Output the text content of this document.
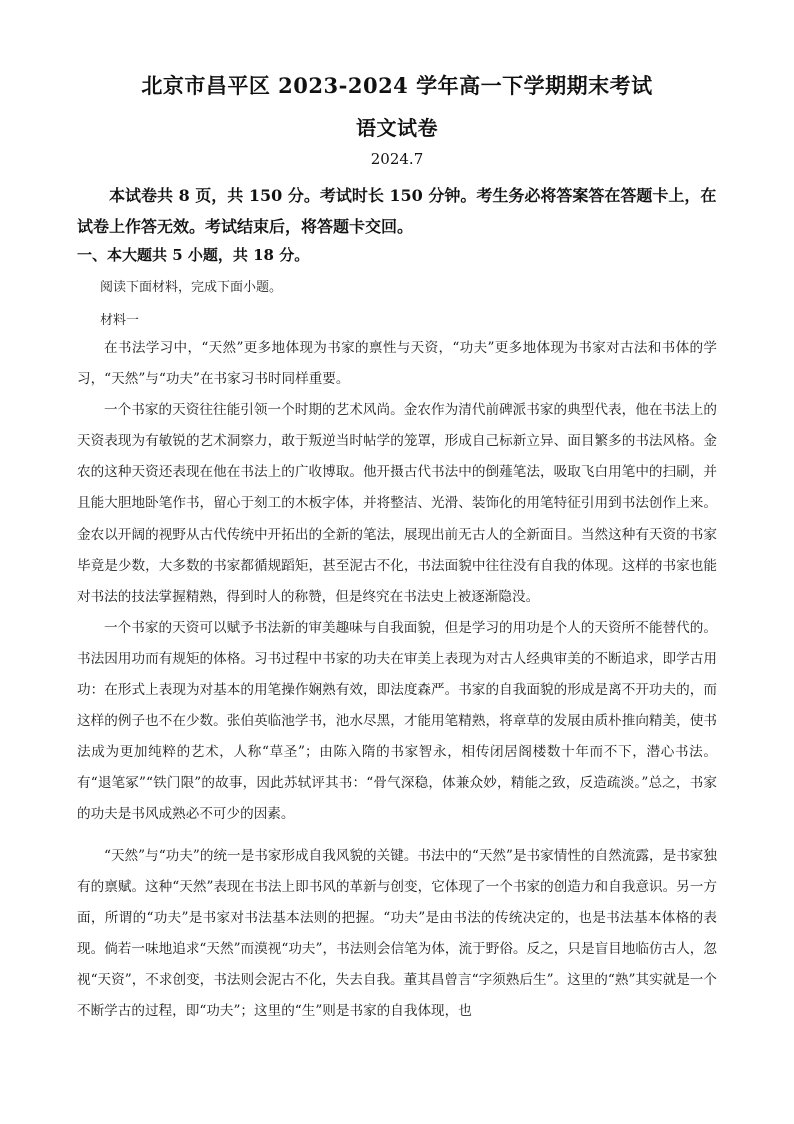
北京市昌平区 2023-2024 学年高一下学期期末考试
语文试卷
2024.7
本试卷共 8 页，共 150 分。考试时长 150 分钟。考生务必将答案答在答题卡上，在试卷上作答无效。考试结束后，将答题卡交回。
一、本大题共 5 小题，共 18 分。
阅读下面材料，完成下面小题。
材料一

在书法学习中，“天然”更多地体现为书家的禀性与天资，“功夫”更多地体现为书家对古法和书体的学习，“天然”与“功夫”在书家习书时同样重要。

一个书家的天资往往能引领一个时期的艺术风尚。金农作为清代前碑派书家的典型代表，他在书法上的天资表现为有敏锐的艺术洞察力，敢于叛逆当时帖学的笼罩，形成自己标新立异、面目繁多的书法风格。金农的这种天资还表现在他在书法上的广收博取。他开摄古代书法中的倒薤笔法，吸取飞白用笔中的扫刷，并且能大胆地卧笔作书，留心于刻工的木板字体，并将整洁、光滑、装饰化的用笔特征引用到书法创作上来。金农以开阔的视野从古代传统中开拓出的全新的笔法，展现出前无古人的全新面目。当然这种有天资的书家毕竟是少数，大多数的书家都循规蹈矩，甚至泥古不化，书法面貌中往往没有自我的体现。这样的书家也能对书法的技法掌握精熟，得到时人的称赞，但是终究在书法史上被逐渐隐没。

一个书家的天资可以赋予书法新的审美趣味与自我面貌，但是学习的用功是个人的天资所不能替代的。书法因用功而有规矩的体格。习书过程中书家的功夫在审美上表现为对古人经典审美的不断追求，即学古用功：在形式上表现为对基本的用笔操作娴熟有效，即法度森严。书家的自我面貌的形成是离不开功夫的，而这样的例子也不在少数。张伯英临池学书，池水尽黑，才能用笔精熟，将章草的发展由质朴推向精美，使书法成为更加纯粹的艺术，人称“草圣”；由陈入隋的书家智永，相传闭居阁楼数十年而不下，潜心书法。有“退笔冢”“铁门限”的故事，因此苏轼评其书：“骨气深稳，体兼众妙，精能之致，反造疏淡。”总之，书家的功夫是书风成熟必不可少的因素。

“天然”与“功夫”的统一是书家形成自我风貌的关键。书法中的“天然”是书家情性的自然流露，是书家独有的禀赋。这种“天然”表现在书法上即书风的革新与创变，它体现了一个书家的创造力和自我意识。另一方面，所谓的“功夫”是书家对书法基本法则的把握。“功夫”是由书法的传统决定的，也是书法基本体格的表现。倘若一味地追求“天然”而漠视“功夫”，书法则会信笔为体，流于野俗。反之，只是盲目地临仿古人，忽视“天资”，不求创变，书法则会泥古不化，失去自我。董其昌曾言“字须熟后生”。这里的“熟”其实就是一个不断学古的过程，即“功夫”；这里的“生”则是书家的自我体现，也
